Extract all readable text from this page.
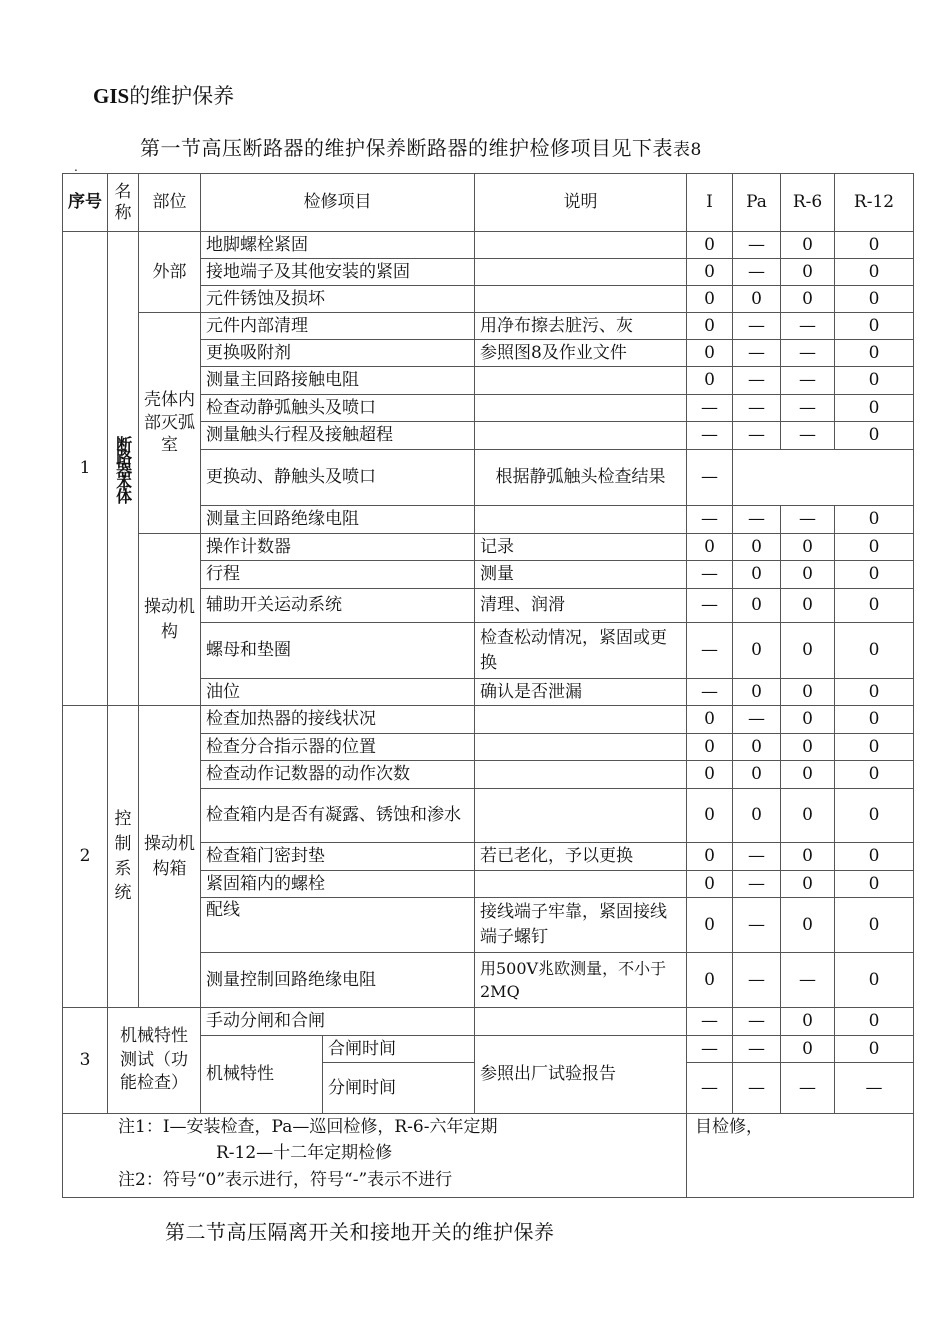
GIS的维护保养
第一节高压断路器的维护保养断路器的维护检修项目见下表表8
.
序号	名称	部位	检修项目		说明	I	Pa	R-6	R-12
1	断路器本体	外部	地脚螺栓紧固			0	—	0	0
			接地端子及其他安装的紧固			0	—	0	0
			元件锈蚀及损坏			0	0	0	0
		壳体内部灭弧室	元件内部清理		用净布擦去脏污、灰	0	—	—	0
			更换吸附剂		参照图8及作业文件	0	—	—	0
			测量主回路接触电阻			0	—	—	0
			检查动静弧触头及喷口			—	—	—	0
			测量触头行程及接触超程			—	—	—	0
			更换动、静触头及喷口		根据静弧触头检查结果	—			
			测量主回路绝缘电阻			—	—	—	0
		操动机构	操作计数器		记录	0	0	0	0
			行程		测量	—	0	0	0
			辅助开关运动系统		清理、润滑	—	0	0	0
			螺母和垫圈		检查松动情况，紧固或更换	—	0	0	0
			油位		确认是否泄漏	—	0	0	0
2	控制系统	操动机构箱	检查加热器的接线状况			0	—	0	0
			检查分合指示器的位置			0	0	0	0
			检查动作记数器的动作次数			0	0	0	0
			检查箱内是否有凝露、锈蚀和渗水			0	0	0	0
			检查箱门密封垫		若已老化，予以更换	0	—	0	0
			紧固箱内的螺栓			0	—	0	0
			配线		接线端子牢靠，紧固接线端子螺钉	0	—	0	0
			测量控制回路绝缘电阻		用500V兆欧测量，不小于2MQ	0	—	—	0
3	机械特性测试（功能检查）		手动分闸和合闸			—	—	0	0
			机械特性	合闸时间	参照出厂试验报告	—	—	0	0
				分闸时间		—	—	—	—

注1：I—安装检查，Pa—巡回检修，R-6-六年定期
R-12—十二年定期检修
注2：符号“0”表示进行，符号“-”表示不进行						目检修，			
第二节高压隔离开关和接地开关的维护保养
